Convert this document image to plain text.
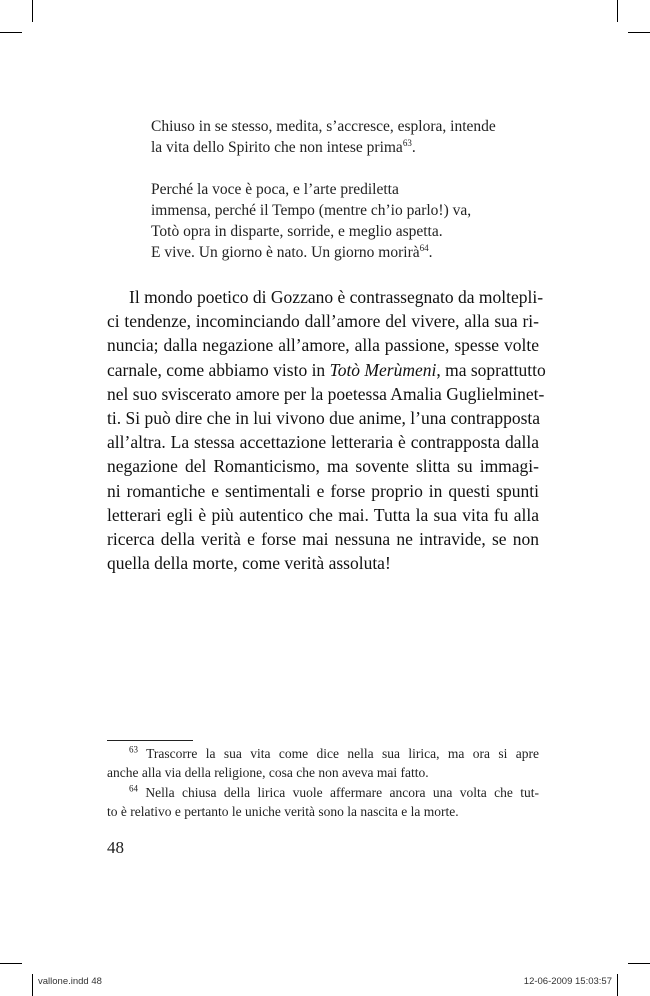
Chiuso in se stesso, medita, s’accresce, esplora, intende
la vita dello Spirito che non intese prima$^{63}$.
Perché la voce è poca, e l’arte prediletta
immensa, perché il Tempo (mentre ch’io parlo!) va,
Totò opra in disparte, sorride, e meglio aspetta.
E vive. Un giorno è nato. Un giorno morirà$^{64}$.
Il mondo poetico di Gozzano è contrassegnato da moltepli-
ci tendenze, incominciando dall’amore del vivere, alla sua ri-
nuncia; dalla negazione all’amore, alla passione, spesse volte
carnale, come abbiamo visto in Totò Merùmeni, ma soprattutto
nel suo sviscerato amore per la poetessa Amalia Guglielminet-
ti. Si può dire che in lui vivono due anime, l’una contrapposta
all’altra. La stessa accettazione letteraria è contrapposta dalla
negazione del Romanticismo, ma sovente slitta su immagi-
ni romantiche e sentimentali e forse proprio in questi spunti
letterari egli è più autentico che mai. Tutta la sua vita fu alla
ricerca della verità e forse mai nessuna ne intravide, se non
quella della morte, come verità assoluta!
$^{63}$ Trascorre la sua vita come dice nella sua lirica, ma ora si apre
anche alla via della religione, cosa che non aveva mai fatto.
$^{64}$ Nella chiusa della lirica vuole affermare ancora una volta che tut-
to è relativo e pertanto le uniche verità sono la nascita e la morte.
48
vallone.indd 48	12-06-2009 15:03:57
